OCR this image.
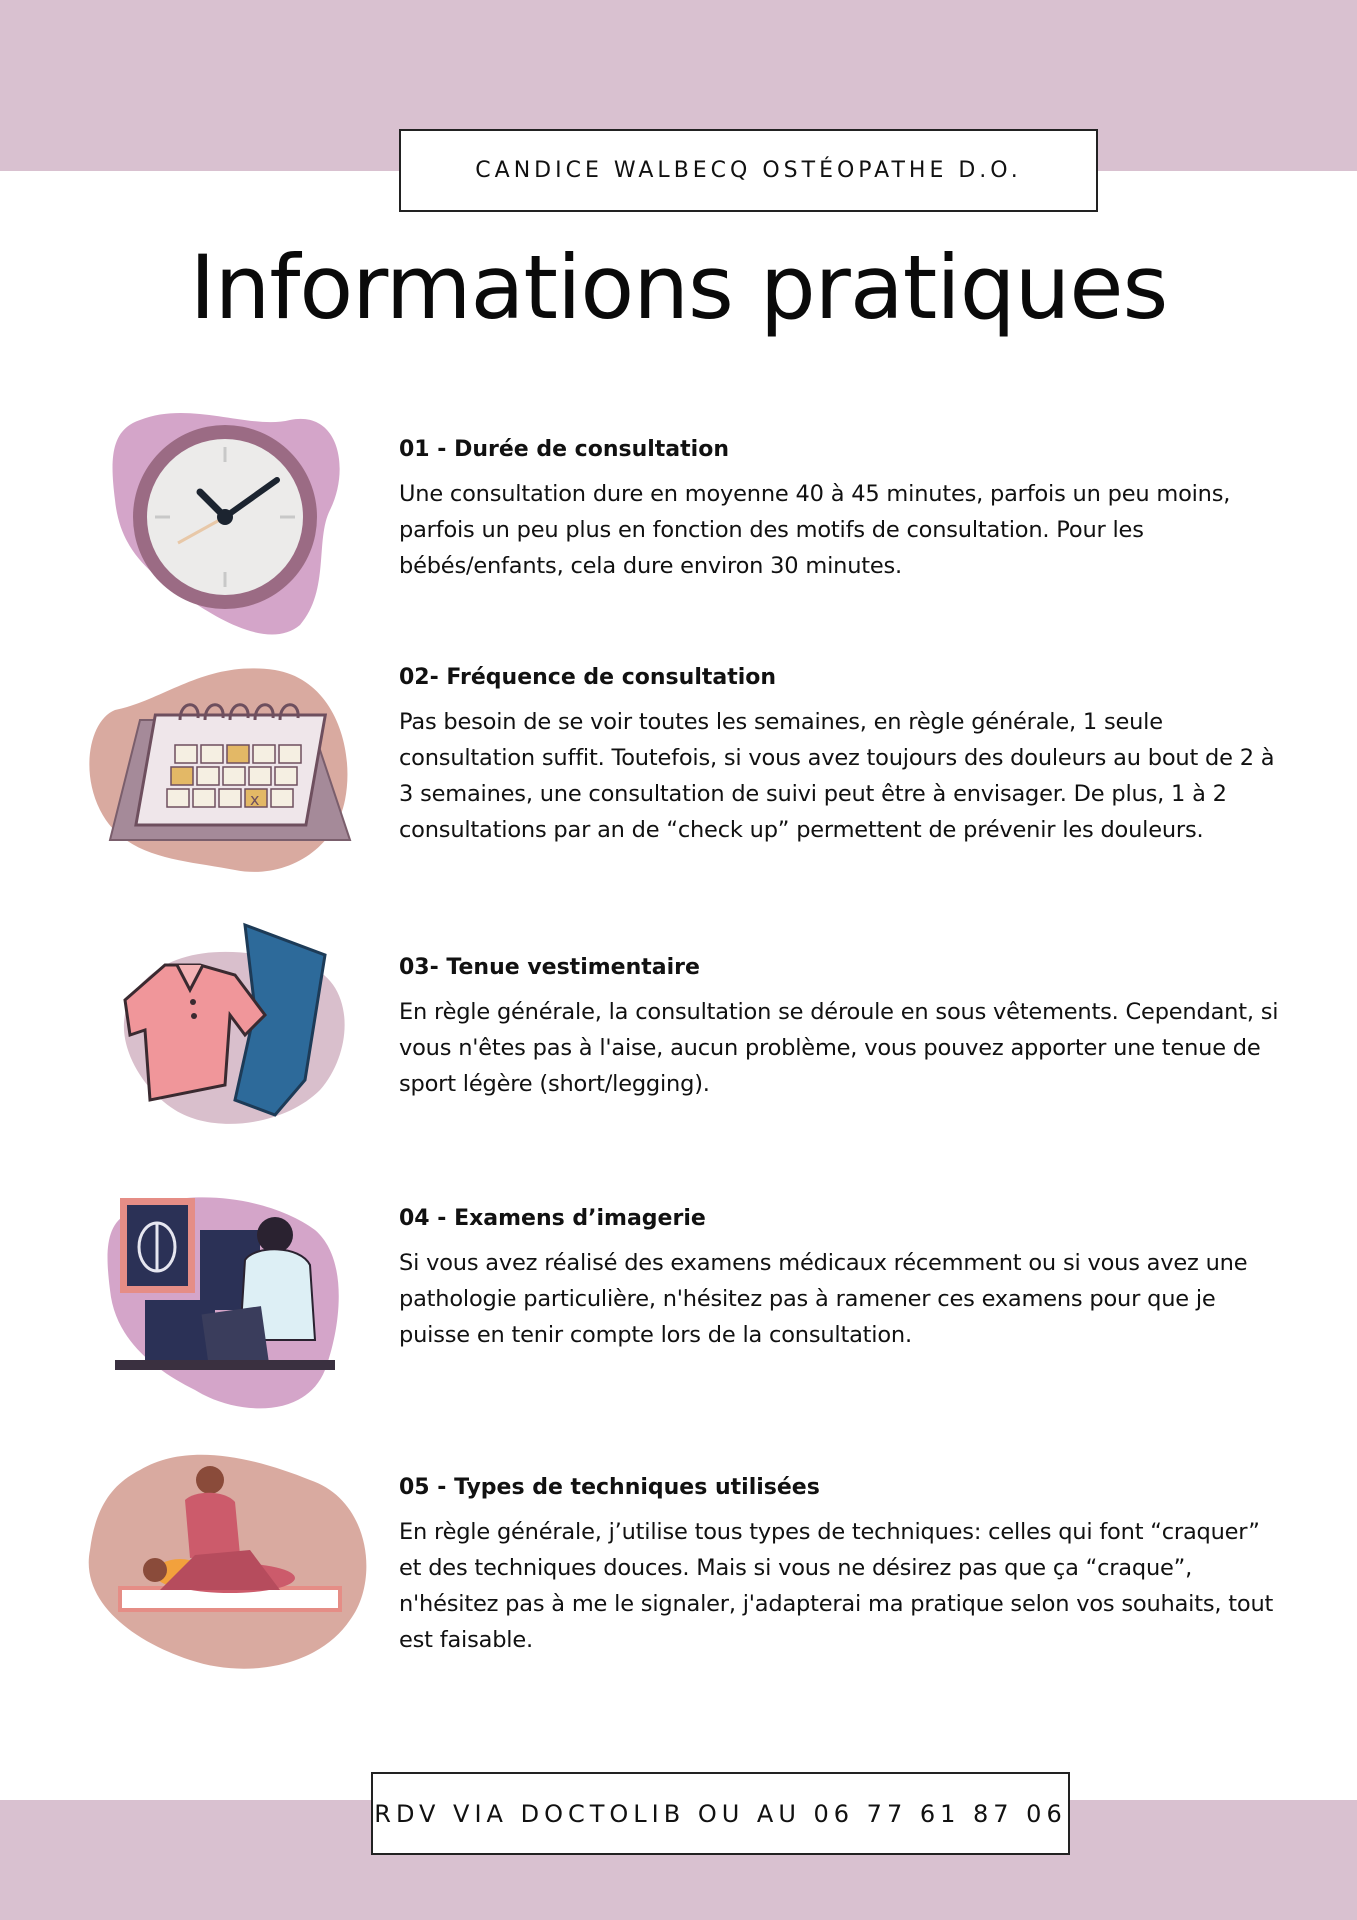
CANDICE WALBECQ OSTÉOPATHE D.O.
Informations pratiques
01 - Durée de consultation

Une consultation dure en moyenne 40 à 45 minutes, parfois un peu moins, parfois un peu plus en fonction des motifs de consultation. Pour les bébés/enfants, cela dure environ 30 minutes.

x
02- Fréquence de consultation

Pas besoin de se voir toutes les semaines, en règle générale, 1 seule consultation suffit. Toutefois, si vous avez toujours des douleurs au bout de 2 à 3 semaines, une consultation de suivi peut être à envisager. De plus, 1 à 2 consultations par an de “check up” permettent de prévenir les douleurs.

03- Tenue vestimentaire

En règle générale, la consultation se déroule en sous vêtements. Cependant, si vous n'êtes pas à l'aise, aucun problème, vous pouvez apporter une tenue de sport légère (short/legging).

04 - Examens d’imagerie

Si vous avez réalisé des examens médicaux récemment ou si vous avez une pathologie particulière, n'hésitez pas à ramener ces examens pour que je puisse en tenir compte lors de la consultation.

05 - Types de techniques utilisées

En règle générale, j’utilise tous types de techniques: celles qui font “craquer” et des techniques douces. Mais si vous ne désirez pas que ça “craque”, n'hésitez pas à me le signaler, j'adapterai ma pratique selon vos souhaits, tout est faisable.

RDV VIA DOCTOLIB OU AU 06 77 61 87 06
